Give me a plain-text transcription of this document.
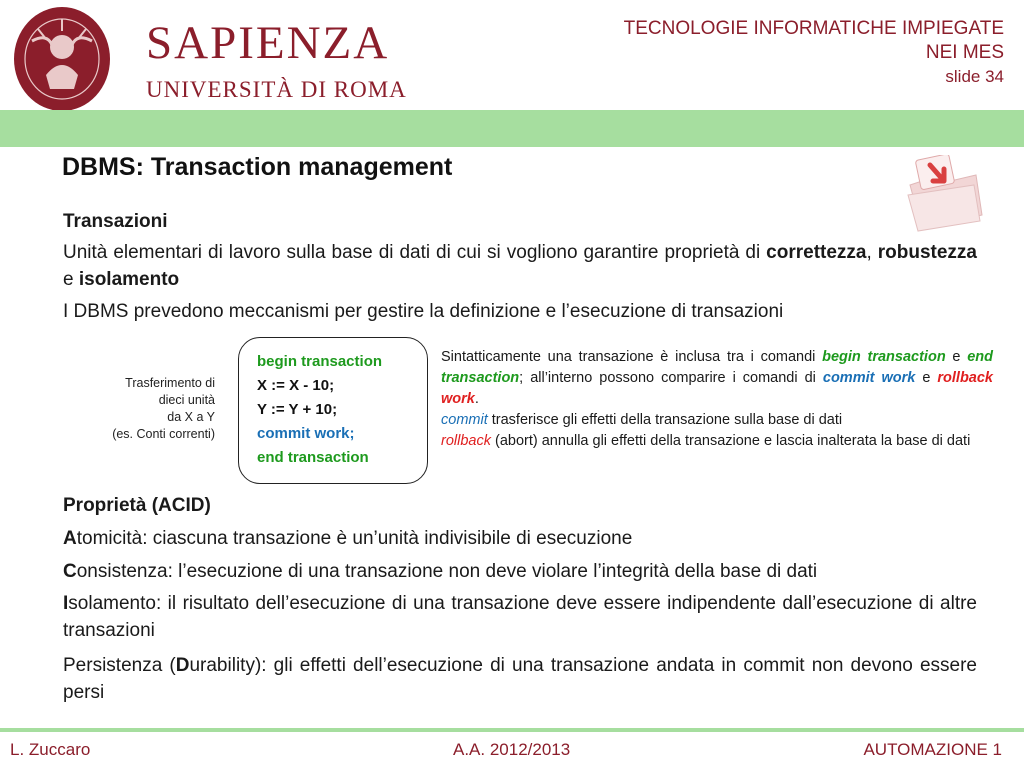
SAPIENZA
UNIVERSITÀ DI ROMA
TECNOLOGIE INFORMATICHE IMPIEGATE
NEI MES
slide 34
DBMS: Transaction management
Transazioni
Unità elementari di lavoro sulla base di dati di cui si vogliono garantire proprietà di correttezza, robustezza e isolamento
I DBMS prevedono meccanismi per gestire la definizione e l’esecuzione di transazioni
Trasferimento di
dieci unità
da X a Y
(es. Conti correnti)
begin transaction
X := X - 10;
Y := Y + 10;
commit work;
end transaction
Sintatticamente una transazione è inclusa tra i comandi begin transaction e end transaction; all’interno possono comparire i comandi di commit work e rollback work.
commit trasferisce gli effetti della transazione sulla base di dati
rollback (abort) annulla gli effetti della transazione e lascia inalterata la base di dati
Proprietà (ACID)
Atomicità: ciascuna transazione è un’unità indivisibile di esecuzione
Consistenza: l’esecuzione di una transazione non deve violare l’integrità della base di dati
Isolamento: il risultato dell’esecuzione di una transazione deve essere indipendente dall’esecuzione di altre transazioni
Persistenza (Durability): gli effetti dell’esecuzione di una transazione andata in commit non devono essere persi
L. Zuccaro	A.A. 2012/2013	AUTOMAZIONE 1
